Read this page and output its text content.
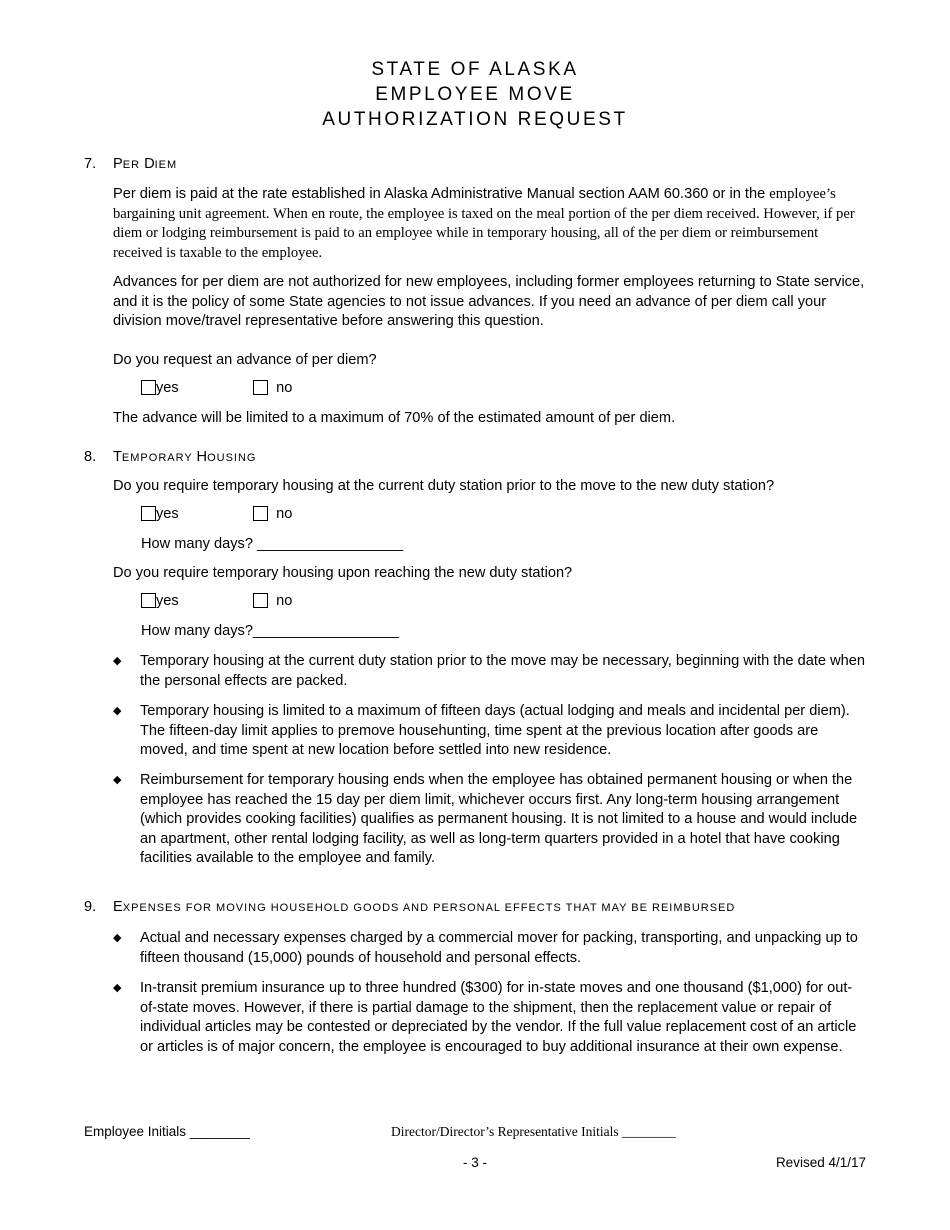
STATE OF ALASKA
EMPLOYEE MOVE
AUTHORIZATION REQUEST
7. PER DIEM
Per diem is paid at the rate established in Alaska Administrative Manual section AAM 60.360 or in the employee’s bargaining unit agreement. When en route, the employee is taxed on the meal portion of the per diem received. However, if per diem or lodging reimbursement is paid to an employee while in temporary housing, all of the per diem or reimbursement received is taxable to the employee.
Advances for per diem are not authorized for new employees, including former employees returning to State service, and it is the policy of some State agencies to not issue advances. If you need an advance of per diem call your division move/travel representative before answering this question.
Do you request an advance of per diem?
yes	no
The advance will be limited to a maximum of 70% of the estimated amount of per diem.
8. TEMPORARY HOUSING
Do you require temporary housing at the current duty station prior to the move to the new duty station?
yes	no
How many days? __________________
Do you require temporary housing upon reaching the new duty station?
yes	no
How many days?__________________
◆ Temporary housing at the current duty station prior to the move may be necessary, beginning with the date when the personal effects are packed.
◆ Temporary housing is limited to a maximum of fifteen days (actual lodging and meals and incidental per diem). The fifteen-day limit applies to premove househunting, time spent at the previous location after goods are moved, and time spent at new location before settled into new residence.
◆ Reimbursement for temporary housing ends when the employee has obtained permanent housing or when the employee has reached the 15 day per diem limit, whichever occurs first. Any long-term housing arrangement (which provides cooking facilities) qualifies as permanent housing. It is not limited to a house and would include an apartment, other rental lodging facility, as well as long-term quarters provided in a hotel that have cooking facilities available to the employee and family.
9. EXPENSES FOR MOVING HOUSEHOLD GOODS AND PERSONAL EFFECTS THAT MAY BE REIMBURSED
◆ Actual and necessary expenses charged by a commercial mover for packing, transporting, and unpacking up to fifteen thousand (15,000) pounds of household and personal effects.
◆ In-transit premium insurance up to three hundred ($300) for in-state moves and one thousand ($1,000) for out-of-state moves. However, if there is partial damage to the shipment, then the replacement value or repair of individual articles may be contested or depreciated by the vendor. If the full value replacement cost of an article or articles is of major concern, the employee is encouraged to buy additional insurance at their own expense.
Employee Initials ________	Director/Director’s Representative Initials ________
- 3 -	Revised 4/1/17
